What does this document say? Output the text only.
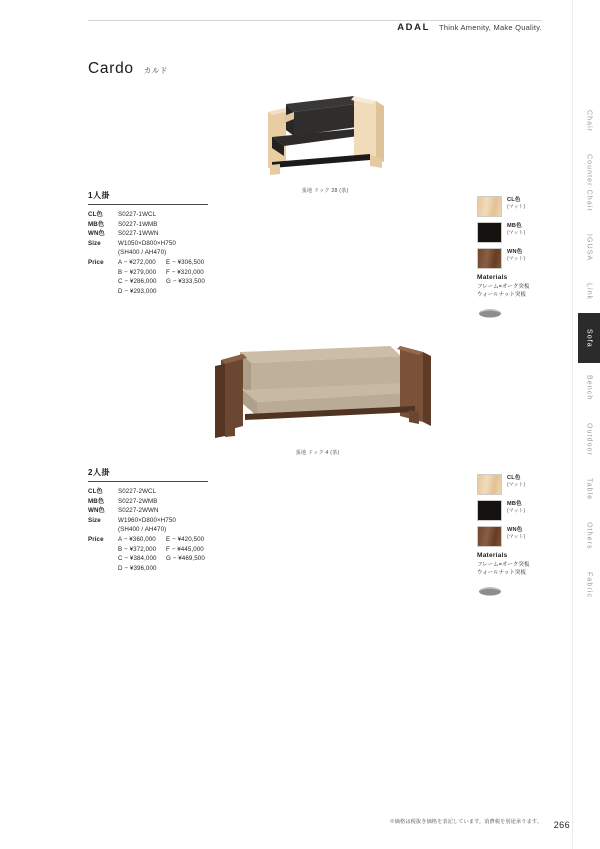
ADAL Think Amenity, Make Quality.
Cardo カルド
Chair
Counter Chair
IGUSA
Link
Sofa
Bench
Outdoor
Table
Others
Fabric
張地 ドック 28 (茶)
張地 ドック 4 (茶)
1人掛
CL色	S0227-1WCL
MB色	S0227-1WMB
WN色	S0227-1WWN
Size	W1050×D800×H750
(SH400 / AH470)
Price	A − ¥272,000	E − ¥306,500
B − ¥279,000	F − ¥320,000
C − ¥286,000	G − ¥333,500
D − ¥293,000
CL色
(マット)
MB色
(マット)
WN色
(マット)
Materials
フレーム=オーク突板
ウォールナット突板
2人掛
CL色	S0227-2WCL
MB色	S0227-2WMB
WN色	S0227-2WWN
Size	W1960×D800×H750
(SH400 / AH470)
Price	A − ¥360,000	E − ¥420,500
B − ¥372,000	F − ¥445,000
C − ¥384,000	G − ¥469,500
D − ¥396,000
CL色
(マット)
MB色
(マット)
WN色
(マット)
Materials
フレーム=オーク突板
ウォールナット突板
※価格は税抜き価格を表記しています。消費税を別途承ります。 266
